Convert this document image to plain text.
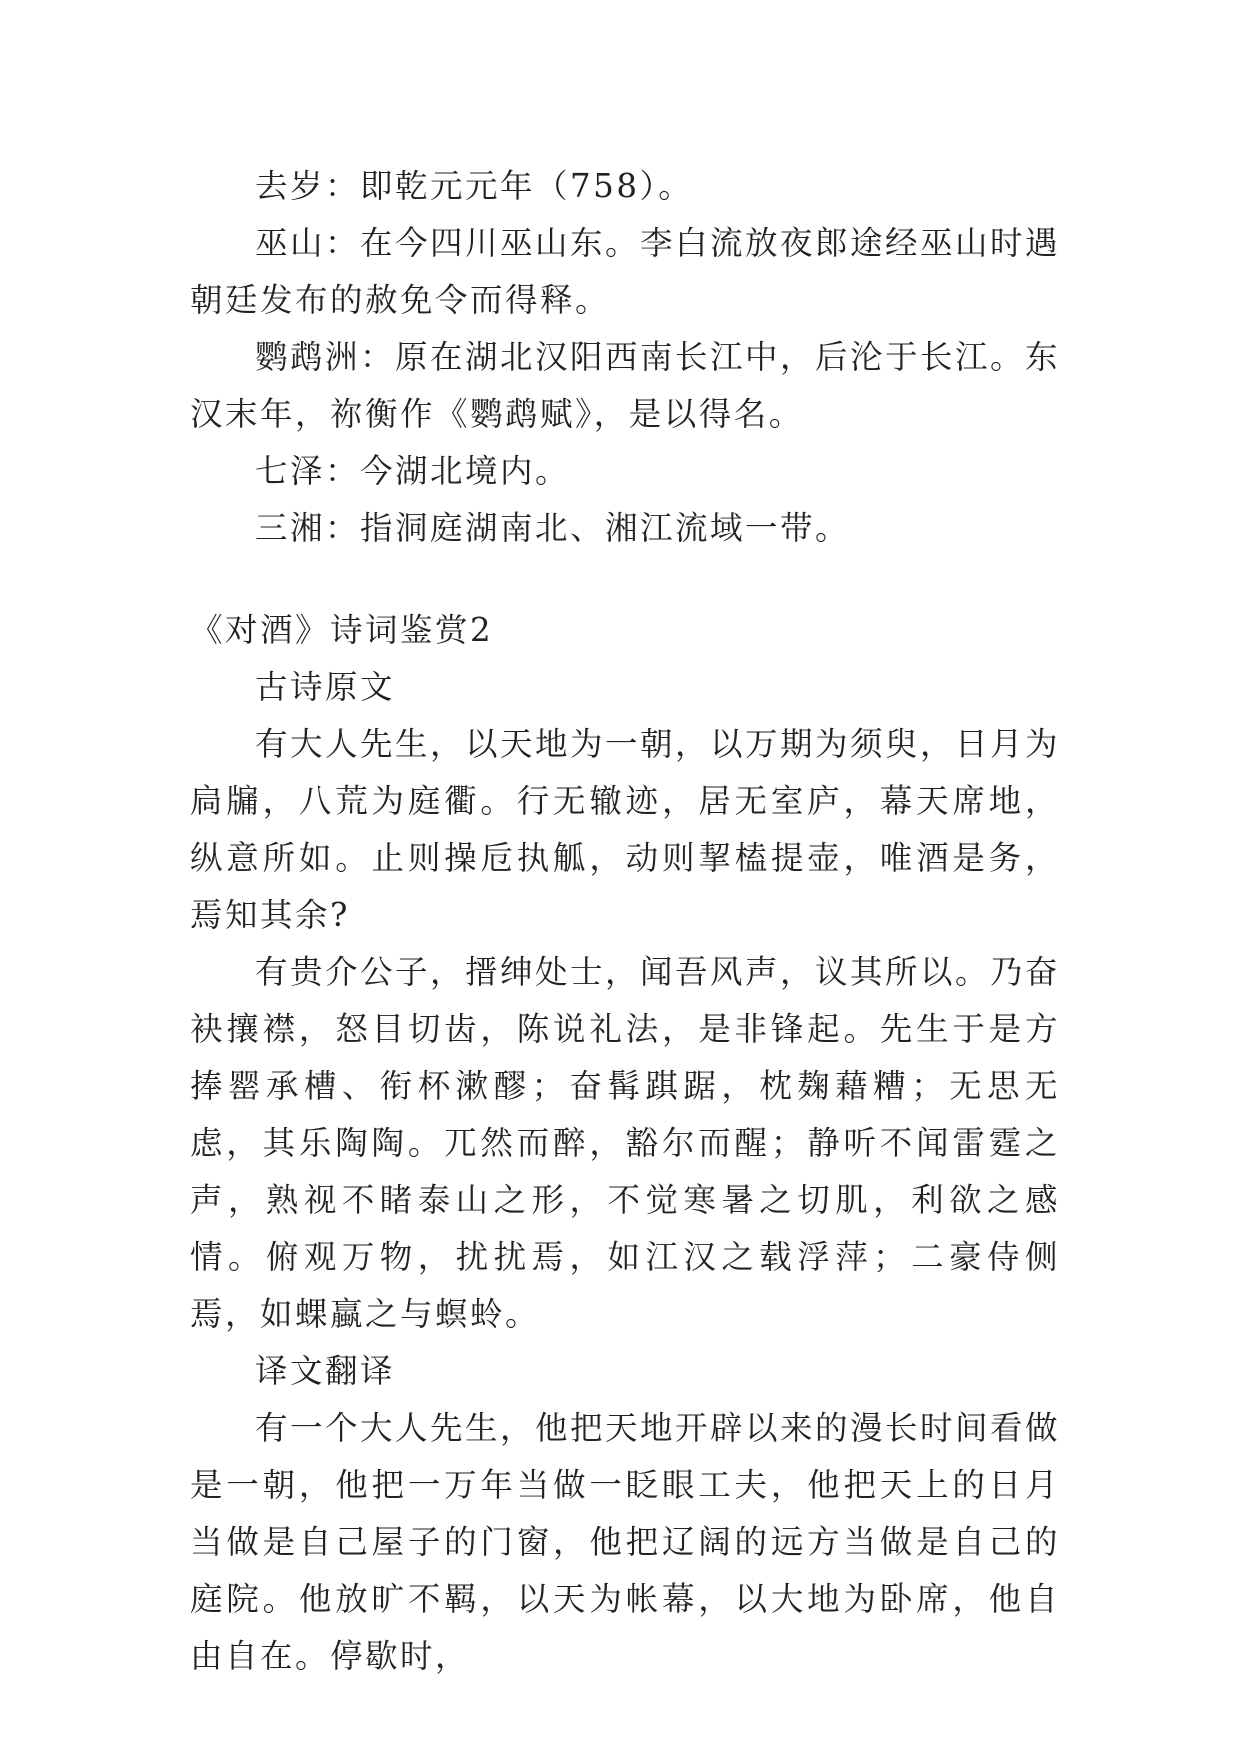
去岁：即乾元元年（758）。

巫山：在今四川巫山东。李白流放夜郎途经巫山时遇朝廷发布的赦免令而得释。

鹦鹉洲：原在湖北汉阳西南长江中，后沦于长江。东汉末年，祢衡作《鹦鹉赋》，是以得名。

七泽：今湖北境内。

三湘：指洞庭湖南北、湘江流域一带。

《对酒》诗词鉴赏2

古诗原文

有大人先生，以天地为一朝，以万期为须臾，日月为扃牖，八荒为庭衢。行无辙迹，居无室庐，幕天席地，纵意所如。止则操卮执觚，动则挈榼提壶，唯酒是务，焉知其余?

有贵介公子，搢绅处士，闻吾风声，议其所以。乃奋袂攘襟，怒目切齿，陈说礼法，是非锋起。先生于是方捧罂承槽、衔杯漱醪；奋髯踑踞，枕麹藉糟；无思无虑，其乐陶陶。兀然而醉，豁尔而醒；静听不闻雷霆之声，熟视不睹泰山之形，不觉寒暑之切肌，利欲之感情。俯观万物，扰扰焉，如江汉之载浮萍；二豪侍侧焉，如蜾蠃之与螟蛉。

译文翻译

有一个大人先生，他把天地开辟以来的漫长时间看做是一朝，他把一万年当做一眨眼工夫，他把天上的日月当做是自己屋子的门窗，他把辽阔的远方当做是自己的庭院。他放旷不羁，以天为帐幕，以大地为卧席，他自由自在。停歇时，
